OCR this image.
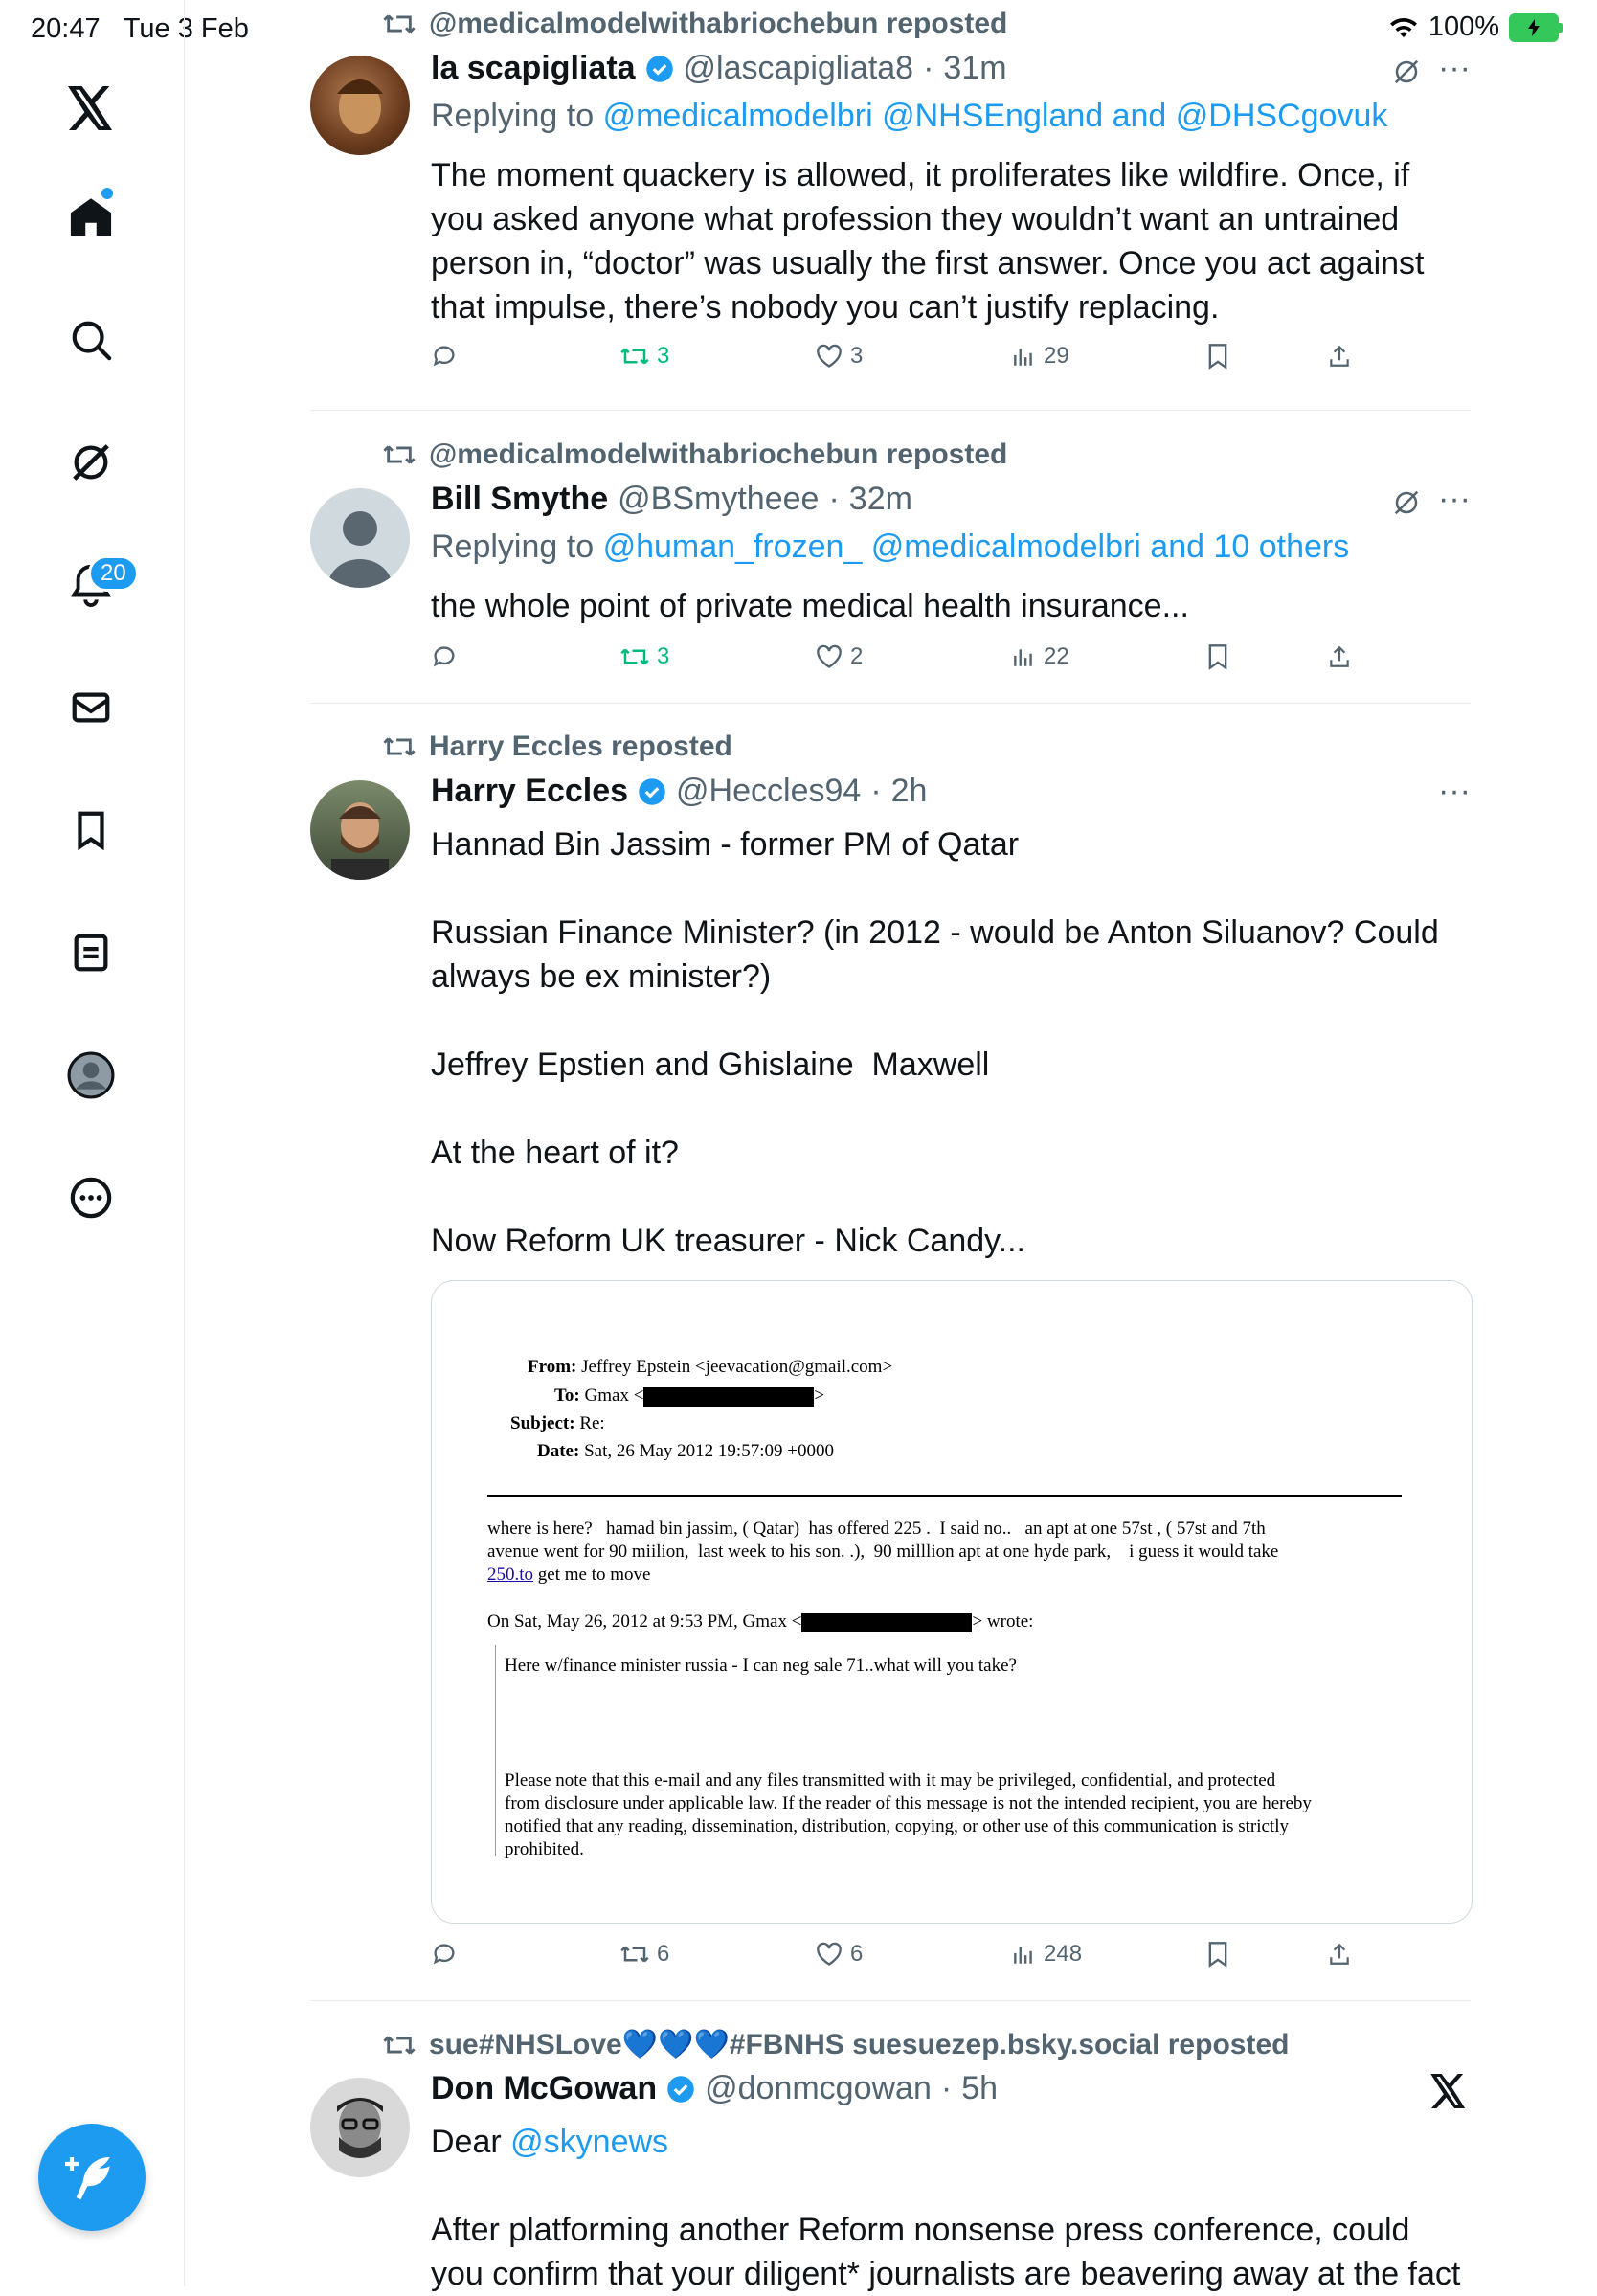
20:47 Tue 3 Feb	100%
20
@medicalmodelwithabriochebun reposted
la scapigliata @lascapigliata8 · 31m	···
Replying to @medicalmodelbri @NHSEngland and @DHSCgovuk
The moment quackery is allowed, it proliferates like wildfire. Once, if
you asked anyone what profession they wouldn’t want an untrained
person in, “doctor” was usually the first answer. Once you act against
that impulse, there’s nobody you can’t justify replacing.
3	3	29
@medicalmodelwithabriochebun reposted
Bill Smythe @BSmytheee · 32m	···
Replying to @human_frozen_ @medicalmodelbri and 10 others
the whole point of private medical health insurance...
3	2	22
Harry Eccles reposted
Harry Eccles @Heccles94 · 2h	···
Hannad Bin Jassim - former PM of Qatar

Russian Finance Minister? (in 2012 - would be Anton Siluanov? Could
always be ex minister?)

Jeffrey Epstien and Ghislaine  Maxwell

At the heart of it?

Now Reform UK treasurer - Nick Candy...
From: Jeffrey Epstein <jeevacation@gmail.com>
To: Gmax <	>
Subject: Re:
Date: Sat, 26 May 2012 19:57:09 +0000
where is here?   hamad bin jassim, ( Qatar)  has offered 225 .  I said no..   an apt at one 57st , ( 57st and 7th
avenue went for 90 miilion,  last week to his son. .),  90 milllion apt at one hyde park,    i guess it would take
250.to get me to move
On Sat, May 26, 2012 at 9:53 PM, Gmax <	> wrote:
Here w/finance minister russia - I can neg sale 71..what will you take?
Please note that this e-mail and any files transmitted with it may be privileged, confidential, and protected
from disclosure under applicable law. If the reader of this message is not the intended recipient, you are hereby
notified that any reading, dissemination, distribution, copying, or other use of this communication is strictly
prohibited.
6	6	248
sue#NHSLove💙💙💙#FBNHS suesuezep.bsky.social reposted
Don McGowan @donmcgowan · 5h
Dear @skynews
After platforming another Reform nonsense press conference, could
you confirm that your diligent* journalists are beavering away at the fact
